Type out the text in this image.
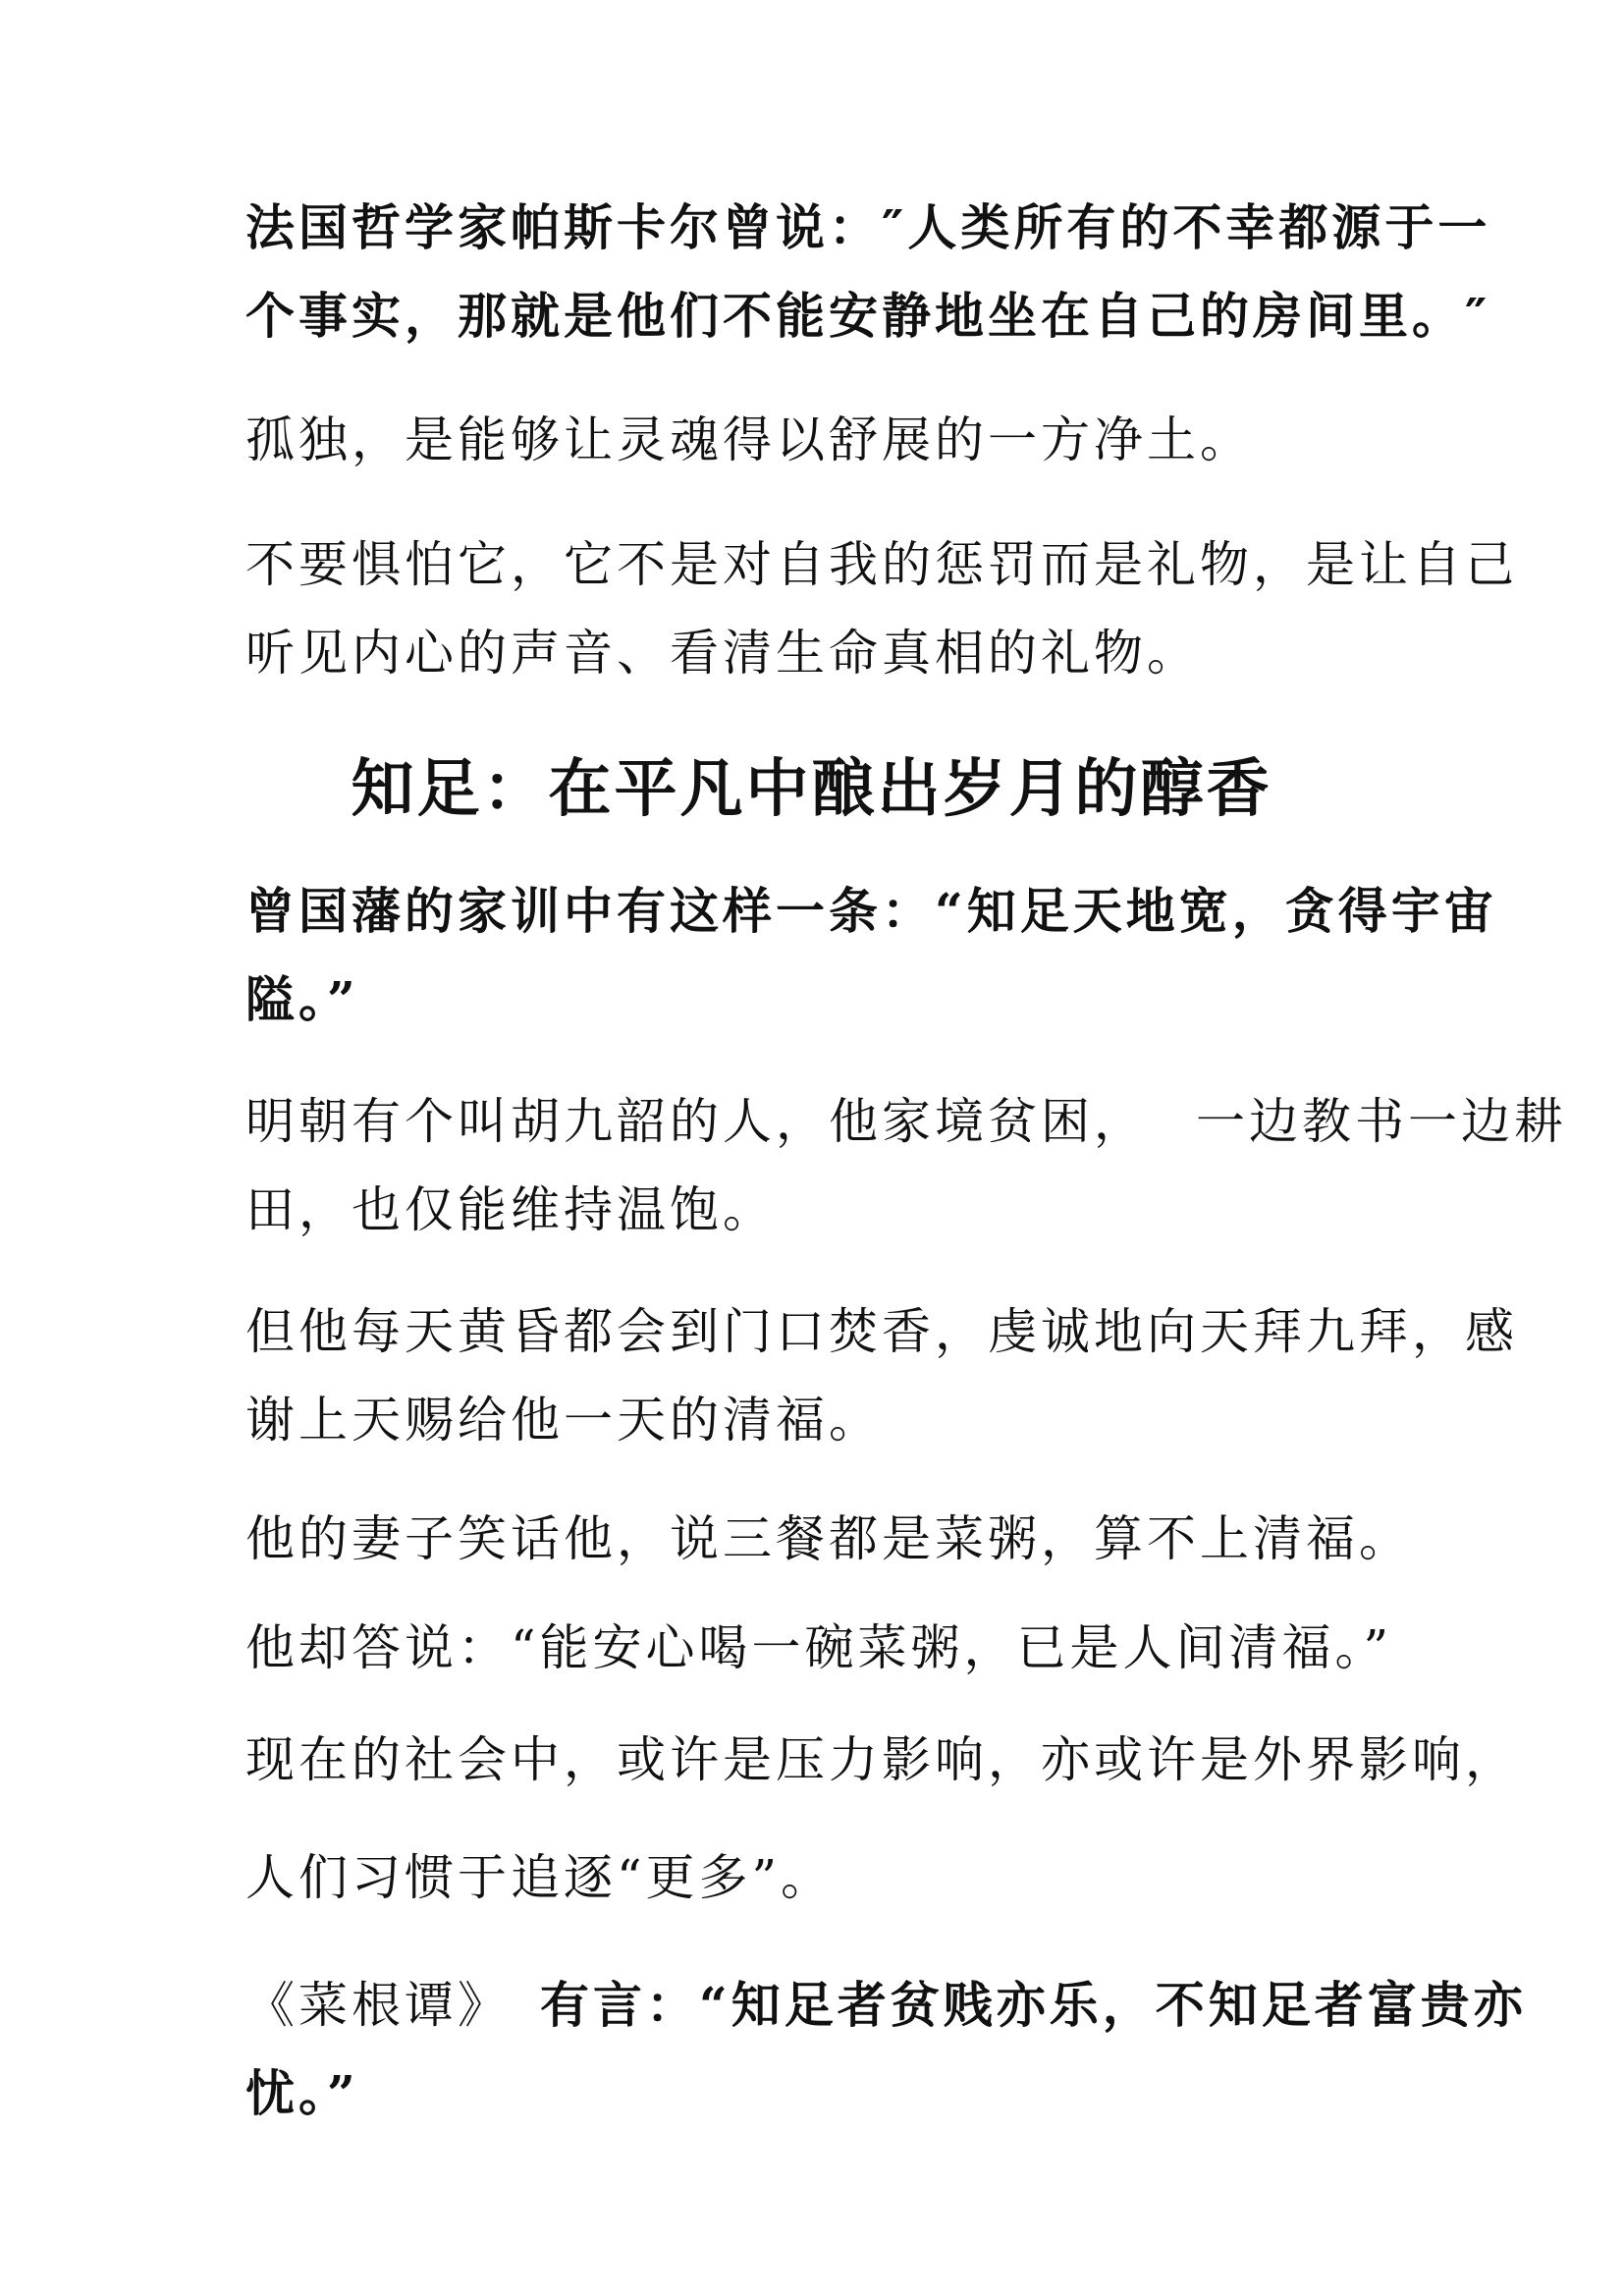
法国哲学家帕斯卡尔曾说：″人类所有的不幸都源于一
个事实，那就是他们不能安静地坐在自己的房间里。″
孤独，是能够让灵魂得以舒展的一方净土。
不要惧怕它，它不是对自我的惩罚而是礼物，是让自己
听见内心的声音、看清生命真相的礼物。
知足：在平凡中酿出岁月的醇香
曾国藩的家训中有这样一条：“知足天地宽，贪得宇宙
隘。”
明朝有个叫胡九韶的人，他家境贫困， 一边教书一边耕
田，也仅能维持温饱。
但他每天黄昏都会到门口焚香，虔诚地向天拜九拜，感
谢上天赐给他一天的清福。
他的妻子笑话他，说三餐都是菜粥，算不上清福。
他却答说：“能安心喝一碗菜粥，已是人间清福。”
现在的社会中，或许是压力影响，亦或许是外界影响，
人们习惯于追逐“更多”。
《菜根谭》 有言：“知足者贫贱亦乐，不知足者富贵亦
忧。”
